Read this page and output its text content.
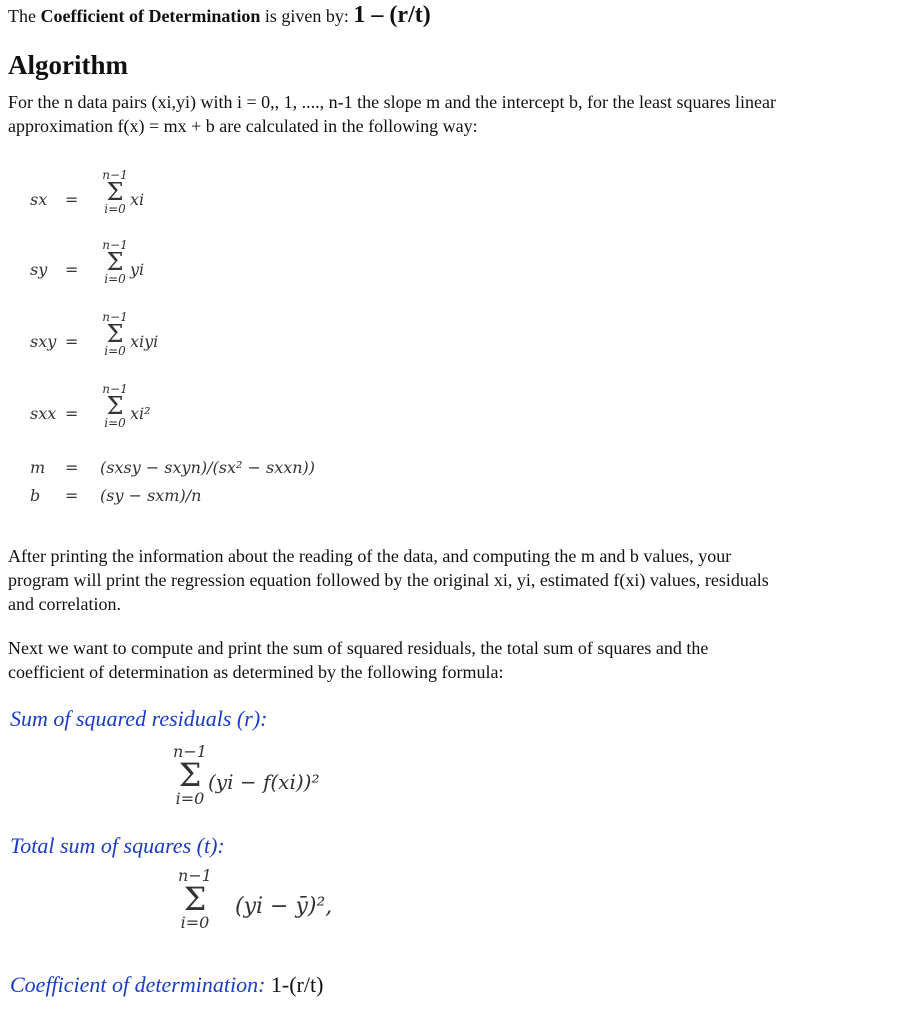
The Coefficient of Determination is given by: 1 – (r/t)
Algorithm
For the n data pairs (xi,yi) with i = 0,, 1, ...., n-1 the slope m and the intercept b, for the least squares linear
approximation f(x) = mx + b are calculated in the following way:
sx	=
n−1
Σ
i=0 xi
sy	=
n−1
Σ
i=0 yi
sxy =
n−1
Σ
i=0 xiyi
sxx =
n−1
Σ
i=0 xi²
m	= (sxsy − sxyn)/(sx² − sxxn))
b	= (sy − sxm)/n
After printing the information about the reading of the data, and computing the m and b values, your
program will print the regression equation followed by the original xi, yi, estimated f(xi) values, residuals
and correlation.
Next we want to compute and print the sum of squared residuals, the total sum of squares and the
coefficient of determination as determined by the following formula:
Sum of squared residuals (r):
n−1
Σ
i=0
(yi − f(xi))²
Total sum of squares (t):
n−1
Σ
i=0
(yi − ȳ)²,
Coefficient of determination: 1-(r/t)
